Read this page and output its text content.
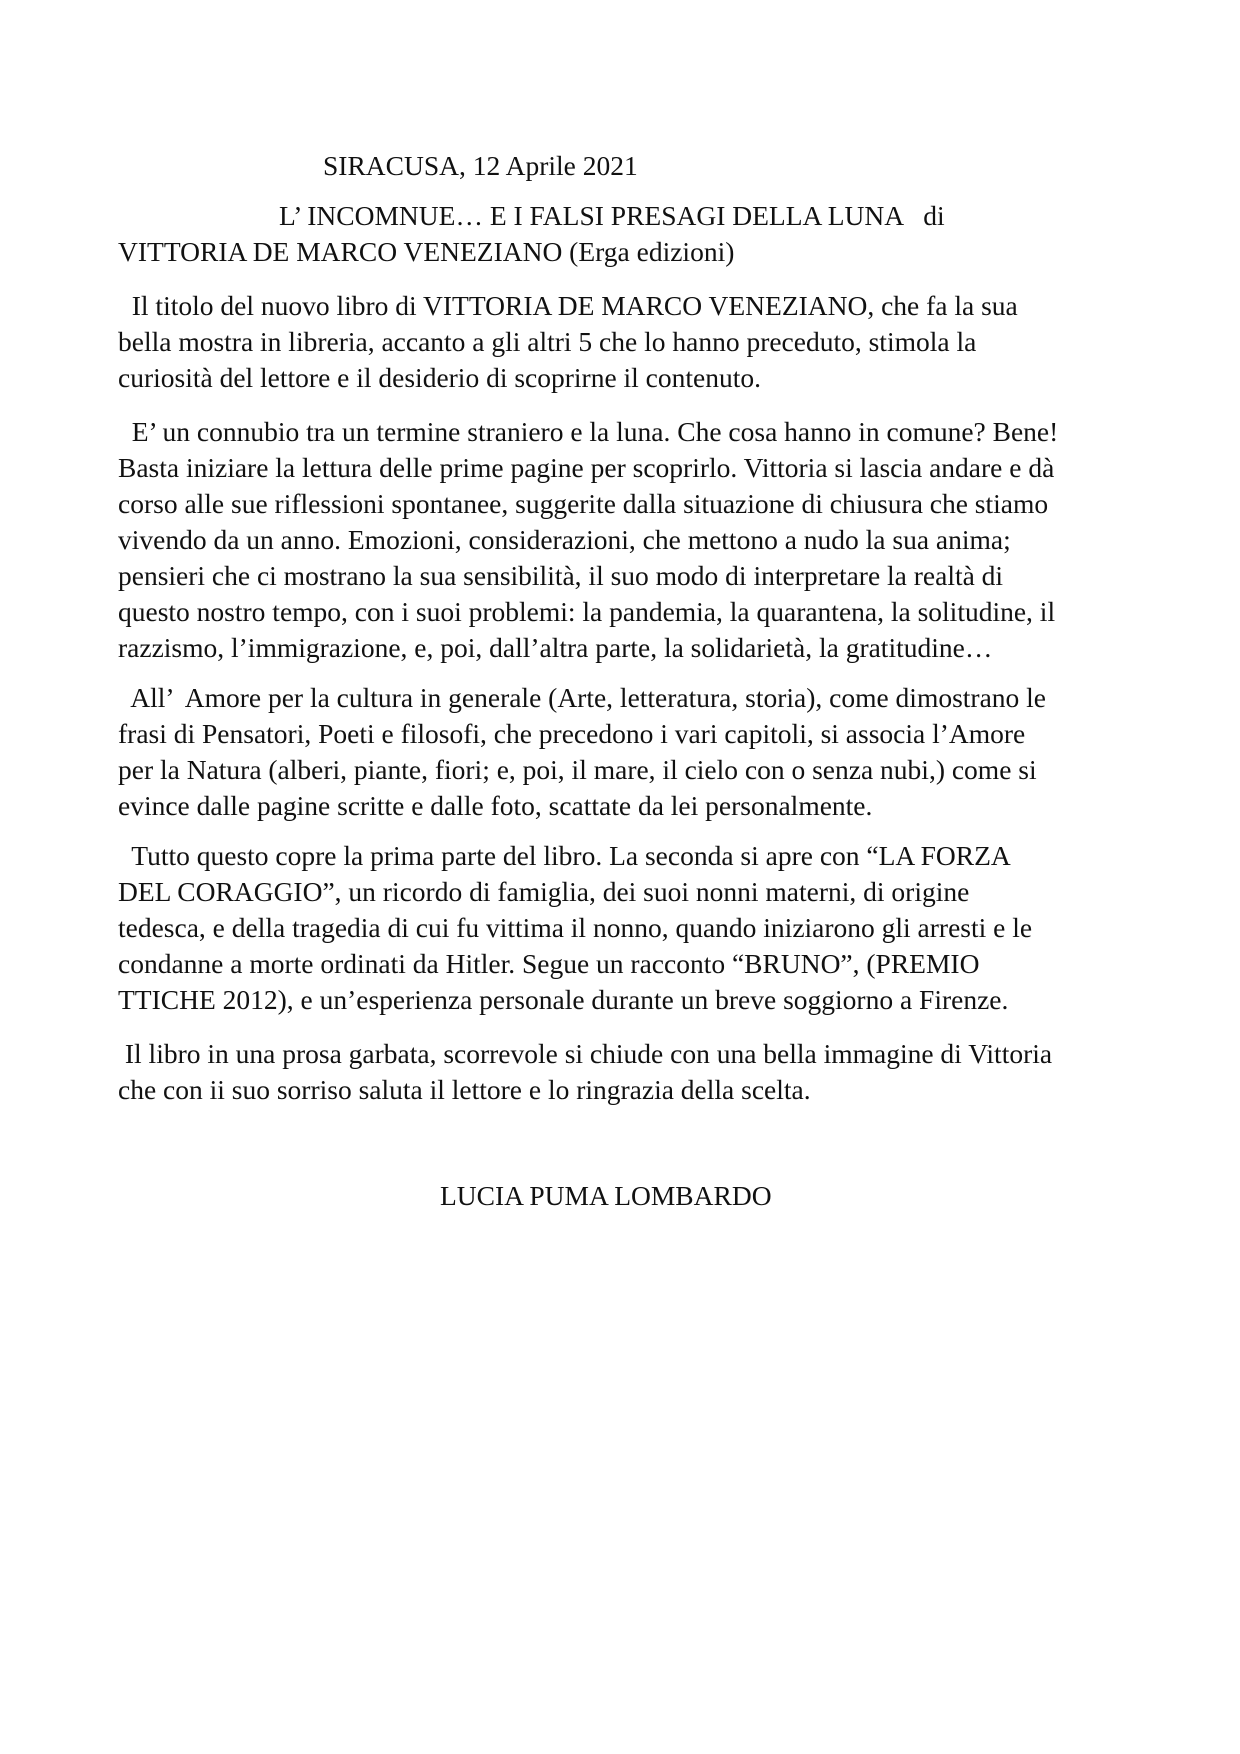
SIRACUSA, 12 Aprile 2021

L’ INCOMNUE… E I FALSI PRESAGI DELLA LUNA   di

VITTORIA DE MARCO VENEZIANO (Erga edizioni)

Il titolo del nuovo libro di VITTORIA DE MARCO VENEZIANO, che fa la sua
bella mostra in libreria, accanto a gli altri 5 che lo hanno preceduto, stimola la
curiosità del lettore e il desiderio di scoprirne il contenuto.
E’ un connubio tra un termine straniero e la luna. Che cosa hanno in comune? Bene!
Basta iniziare la lettura delle prime pagine per scoprirlo. Vittoria si lascia andare e dà
corso alle sue riflessioni spontanee, suggerite dalla situazione di chiusura che stiamo
vivendo da un anno. Emozioni, considerazioni, che mettono a nudo la sua anima;
pensieri che ci mostrano la sua sensibilità, il suo modo di interpretare la realtà di
questo nostro tempo, con i suoi problemi: la pandemia, la quarantena, la solitudine, il
razzismo, l’immigrazione, e, poi, dall’altra parte, la solidarietà, la gratitudine…
All’  Amore per la cultura in generale (Arte, letteratura, storia), come dimostrano le
frasi di Pensatori, Poeti e filosofi, che precedono i vari capitoli, si associa l’Amore
per la Natura (alberi, piante, fiori; e, poi, il mare, il cielo con o senza nubi,) come si
evince dalle pagine scritte e dalle foto, scattate da lei personalmente.
Tutto questo copre la prima parte del libro. La seconda si apre con “LA FORZA
DEL CORAGGIO”, un ricordo di famiglia, dei suoi nonni materni, di origine
tedesca, e della tragedia di cui fu vittima il nonno, quando iniziarono gli arresti e le
condanne a morte ordinati da Hitler. Segue un racconto “BRUNO”, (PREMIO
TTICHE 2012), e un’esperienza personale durante un breve soggiorno a Firenze.
Il libro in una prosa garbata, scorrevole si chiude con una bella immagine di Vittoria
che con ii suo sorriso saluta il lettore e lo ringrazia della scelta.

LUCIA PUMA LOMBARDO
